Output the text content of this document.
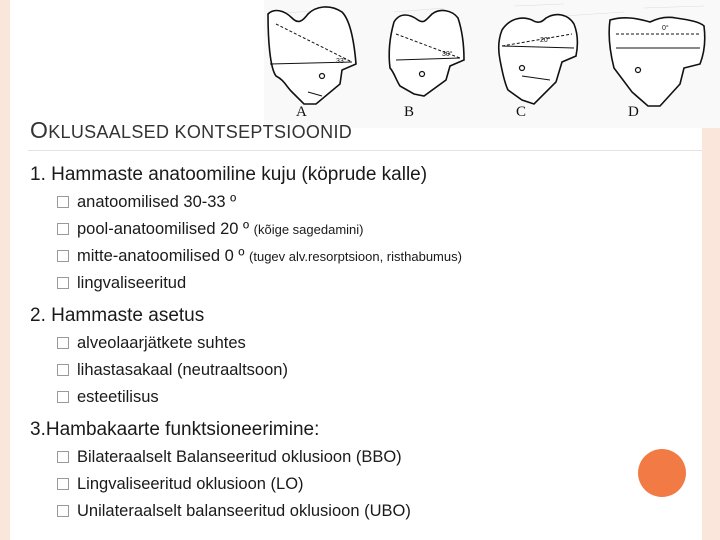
33°
30°
20°
0°
A	B	C	D
OKLUSAALSED KONTSEPTSIOONID
1. Hammaste anatoomiline kuju (köprude kalle)
anatoomilised 30-33 º
pool-anatoomilised 20 º (kõige sagedamini)
mitte-anatoomilised 0 º (tugev alv.resorptsioon, risthabumus)
lingvaliseeritud
2. Hammaste asetus
alveolaarjätkete suhtes
lihastasakaal (neutraaltsoon)
esteetilisus
3.Hambakaarte funktsioneerimine:
Bilateraalselt Balanseeritud oklusioon (BBO)
Lingvaliseeritud oklusioon (LO)
Unilateraalselt balanseeritud oklusioon (UBO)
